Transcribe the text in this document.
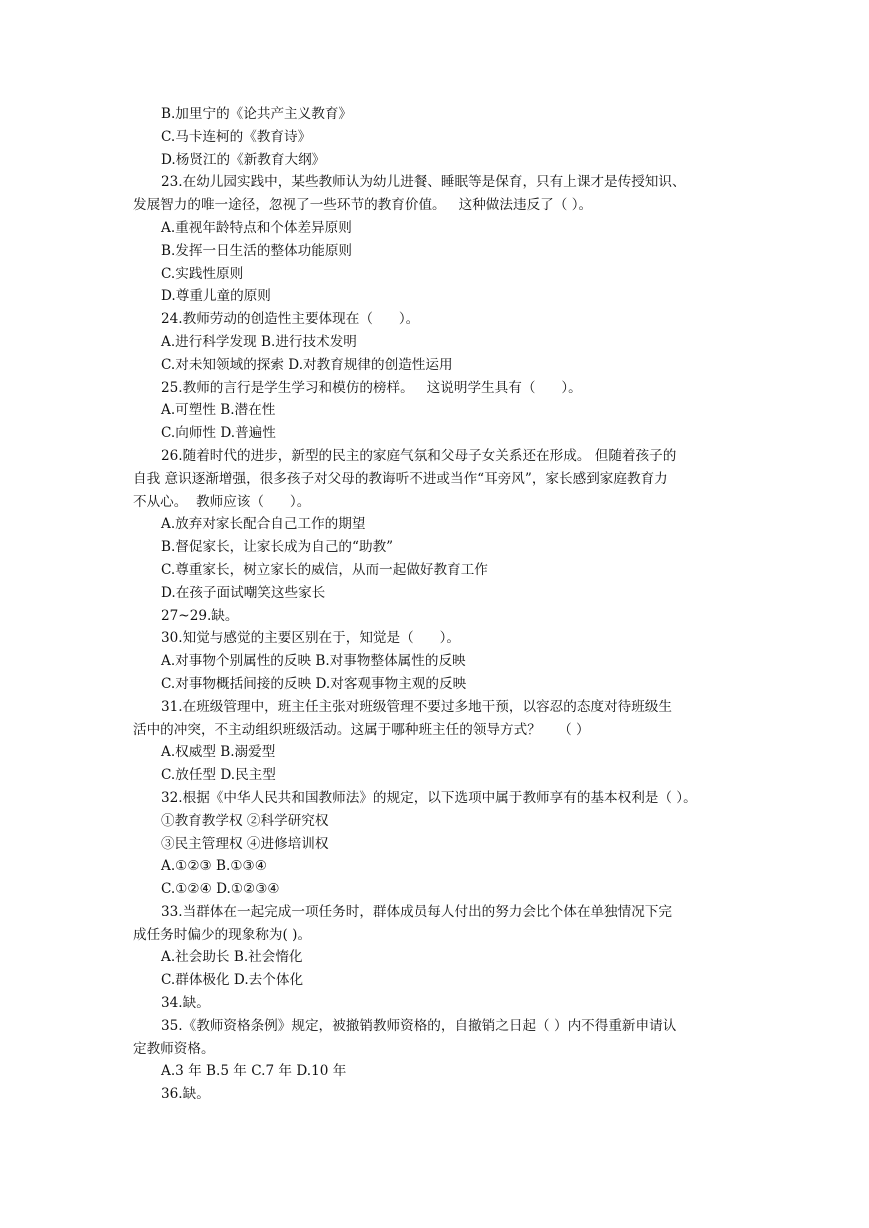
B.加里宁的《论共产主义教育》
C.马卡连柯的《教育诗》
D.杨贤江的《新教育大纲》
23.在幼儿园实践中，某些教师认为幼儿进餐、睡眠等是保育，只有上课才是传授知识、
发展智力的唯一途径，忽视了一些环节的教育价值。   这种做法违反了（ ）。
A.重视年龄特点和个体差异原则
B.发挥一日生活的整体功能原则
C.实践性原则
D.尊重儿童的原则
24.教师劳动的创造性主要体现在（      ）。
A.进行科学发现 B.进行技术发明
C.对未知领域的探索 D.对教育规律的创造性运用
25.教师的言行是学生学习和模仿的榜样。   这说明学生具有（      ）。
A.可塑性 B.潜在性
C.向师性 D.普遍性
26.随着时代的进步，新型的民主的家庭气氛和父母子女关系还在形成。 但随着孩子的
自我 意识逐渐增强，很多孩子对父母的教诲听不进或当作“耳旁风”，家长感到家庭教育力
不从心。  教师应该（      ）。
A.放弃对家长配合自己工作的期望
B.督促家长，让家长成为自己的“助教”
C.尊重家长，树立家长的威信，从而一起做好教育工作
D.在孩子面试嘲笑这些家长
27~29.缺。
30.知觉与感觉的主要区别在于，知觉是（      ）。
A.对事物个别属性的反映 B.对事物整体属性的反映
C.对事物概括间接的反映 D.对客观事物主观的反映
31.在班级管理中，班主任主张对班级管理不要过多地干预，以容忍的态度对待班级生
活中的冲突，不主动组织班级活动。这属于哪种班主任的领导方式？    （ ）
A.权威型 B.溺爱型
C.放任型 D.民主型
32.根据《中华人民共和国教师法》的规定，以下选项中属于教师享有的基本权利是（ ）。
①教育教学权 ②科学研究权
③民主管理权 ④进修培训权
A.①②③ B.①③④
C.①②④ D.①②③④
33.当群体在一起完成一项任务时，群体成员每人付出的努力会比个体在单独情况下完
成任务时偏少的现象称为( )。
A.社会助长 B.社会惰化
C.群体极化 D.去个体化
34.缺。
35.《教师资格条例》规定，被撤销教师资格的，自撤销之日起（ ）内不得重新申请认
定教师资格。
A.3 年 B.5 年 C.7 年 D.10 年
36.缺。
